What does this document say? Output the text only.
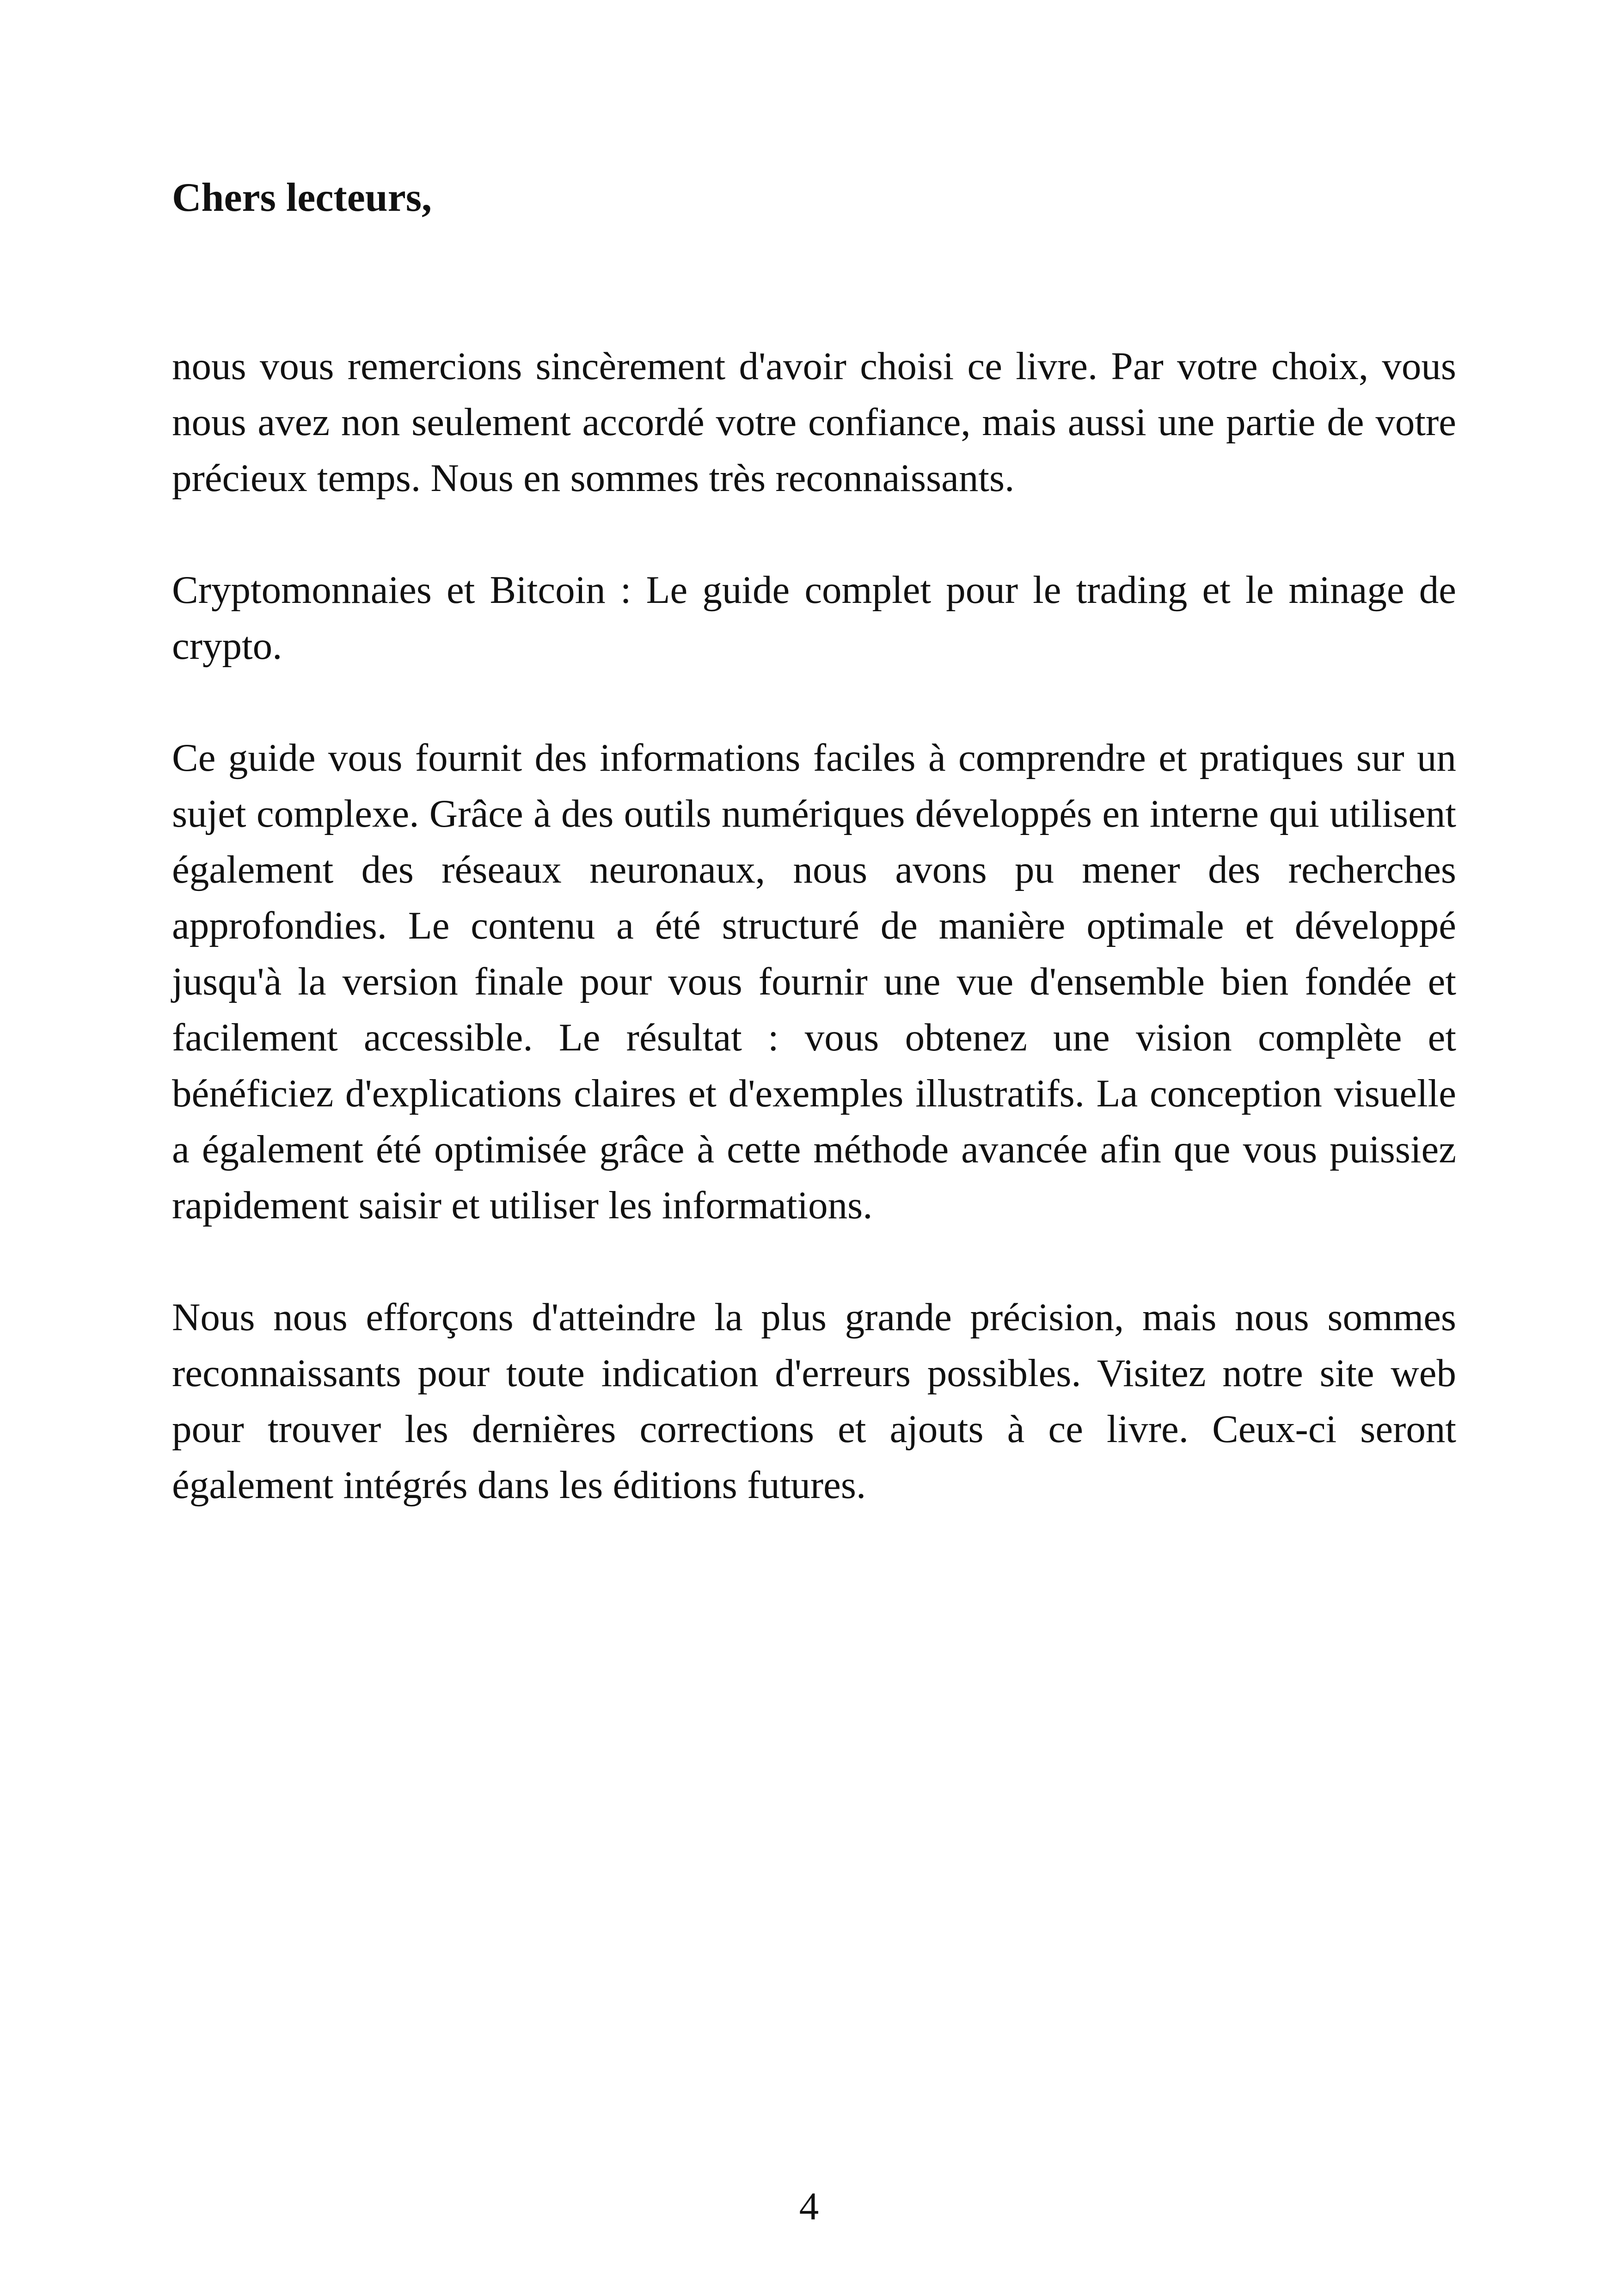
Chers lecteurs,

nous vous remercions sincèrement d'avoir choisi ce livre. Par votre choix, vous nous avez non seulement accordé votre confiance, mais aussi une partie de votre précieux temps. Nous en sommes très reconnaissants.

Cryptomonnaies et Bitcoin : Le guide complet pour le trading et le minage de crypto.

Ce guide vous fournit des informations faciles à comprendre et pratiques sur un sujet complexe. Grâce à des outils numériques développés en interne qui utilisent également des réseaux neuronaux, nous avons pu mener des recherches approfondies. Le contenu a été structuré de manière optimale et développé jusqu'à la version finale pour vous fournir une vue d'ensemble bien fondée et facilement accessible. Le résultat : vous obtenez une vision complète et bénéficiez d'explications claires et d'exemples illustratifs. La conception visuelle a également été optimisée grâce à cette méthode avancée afin que vous puissiez rapidement saisir et utiliser les informations.

Nous nous efforçons d'atteindre la plus grande précision, mais nous sommes reconnaissants pour toute indication d'erreurs possibles. Visitez notre site web pour trouver les dernières corrections et ajouts à ce livre. Ceux-ci seront également intégrés dans les éditions futures.

4
